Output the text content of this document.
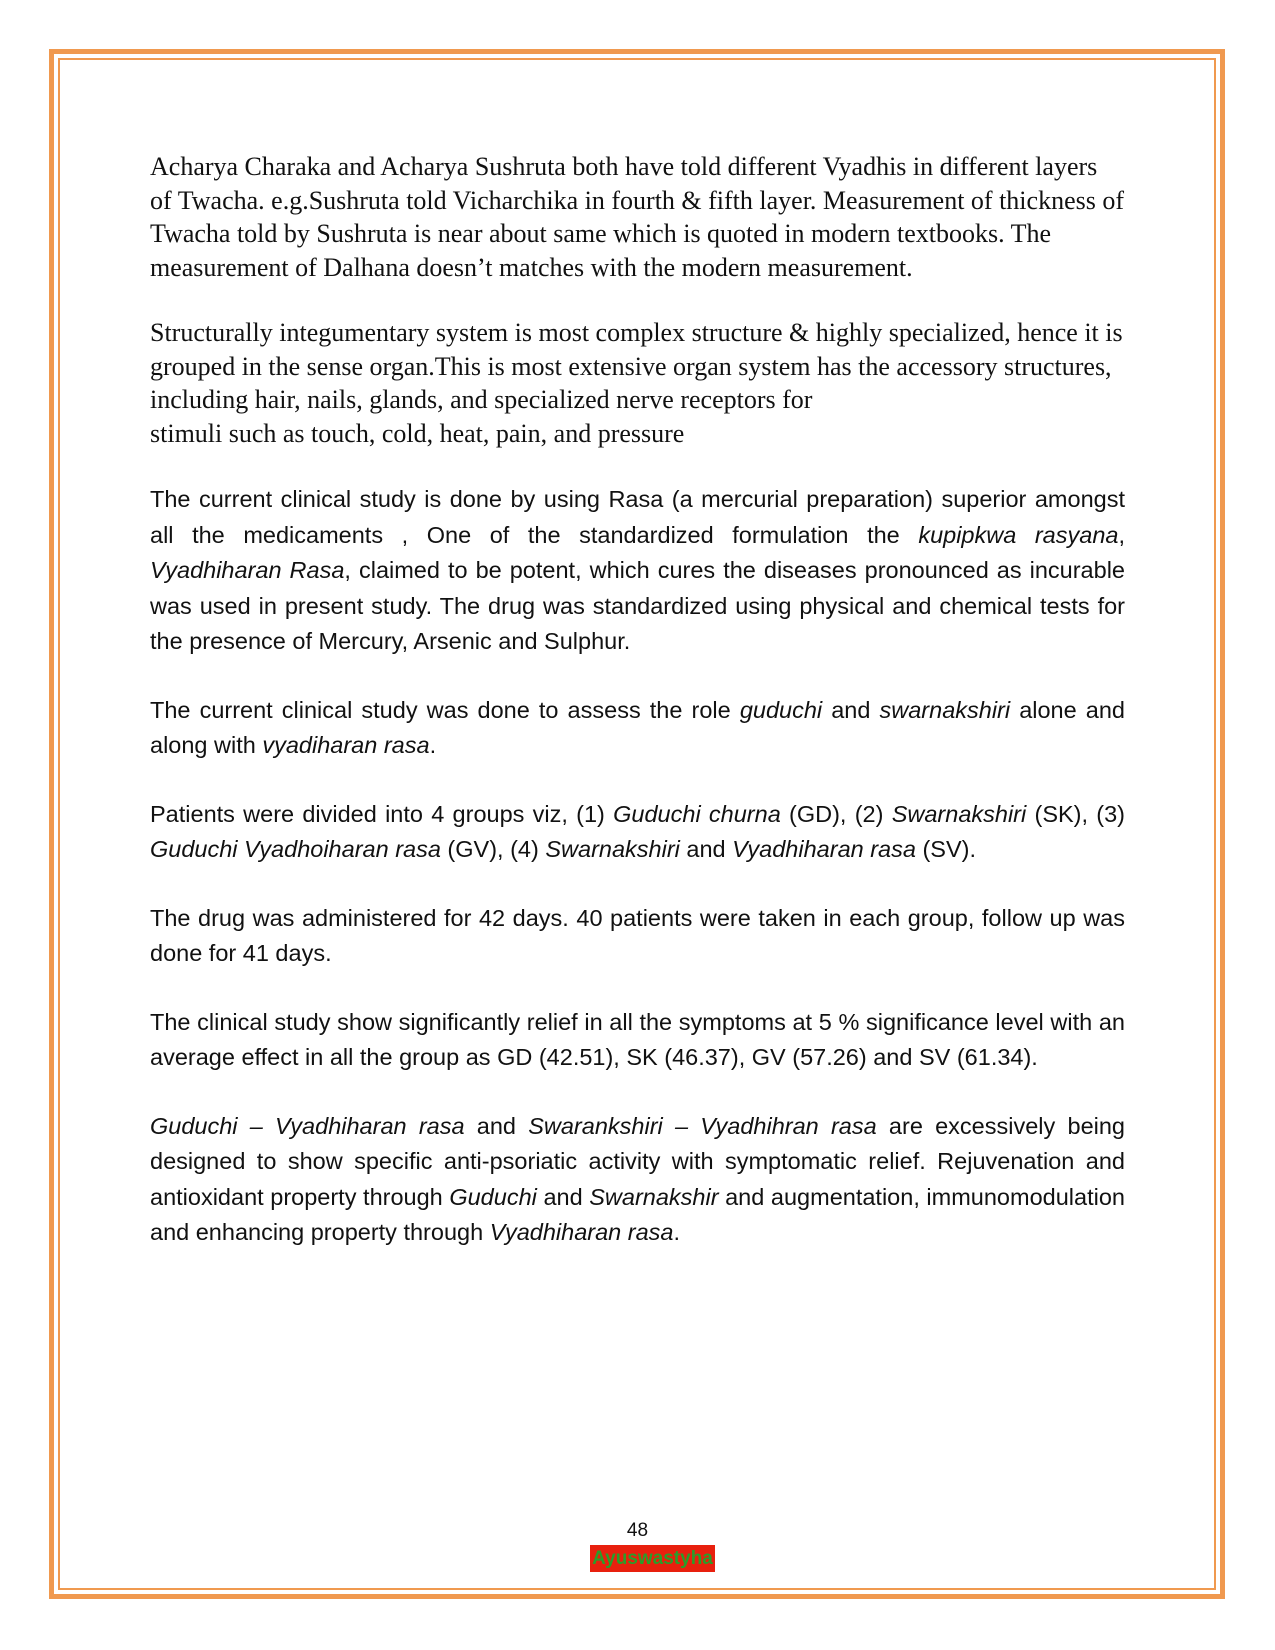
Acharya Charaka and Acharya Sushruta both have told different Vyadhis in different layers of Twacha. e.g.Sushruta told Vicharchika in fourth & fifth layer. Measurement of thickness of Twacha told by Sushruta is near about same which is quoted in modern textbooks. The measurement of Dalhana doesn’t matches with the modern measurement.

Structurally integumentary system is most complex structure & highly specialized, hence it is grouped in the sense organ.This is most extensive organ system has the accessory structures, including hair, nails, glands, and specialized nerve receptors for
stimuli such as touch, cold, heat, pain, and pressure

The current clinical study is done by using Rasa (a mercurial preparation) superior amongst all the medicaments , One of the standardized formulation the kupipkwa rasyana, Vyadhiharan Rasa, claimed to be potent, which cures the diseases pronounced as incurable was used in present study. The drug was standardized using physical and chemical tests for the presence of Mercury, Arsenic and Sulphur.

The current clinical study was done to assess the role guduchi and swarnakshiri alone and along with vyadiharan rasa.

Patients were divided into 4 groups viz, (1) Guduchi churna (GD), (2) Swarnakshiri (SK), (3) Guduchi Vyadhoiharan rasa (GV), (4) Swarnakshiri and Vyadhiharan rasa (SV).

The drug was administered for 42 days. 40 patients were taken in each group, follow up was done for 41 days.

The clinical study show significantly relief in all the symptoms at 5 % significance level with an average effect in all the group as GD (42.51), SK (46.37), GV (57.26) and SV (61.34).

Guduchi – Vyadhiharan rasa and Swarankshiri – Vyadhihran rasa are excessively being designed to show specific anti-psoriatic activity with symptomatic relief. Rejuvenation and antioxidant property through Guduchi and Swarnakshir and augmentation, immunomodulation and enhancing property through Vyadhiharan rasa.

48
Ayuswastyha
